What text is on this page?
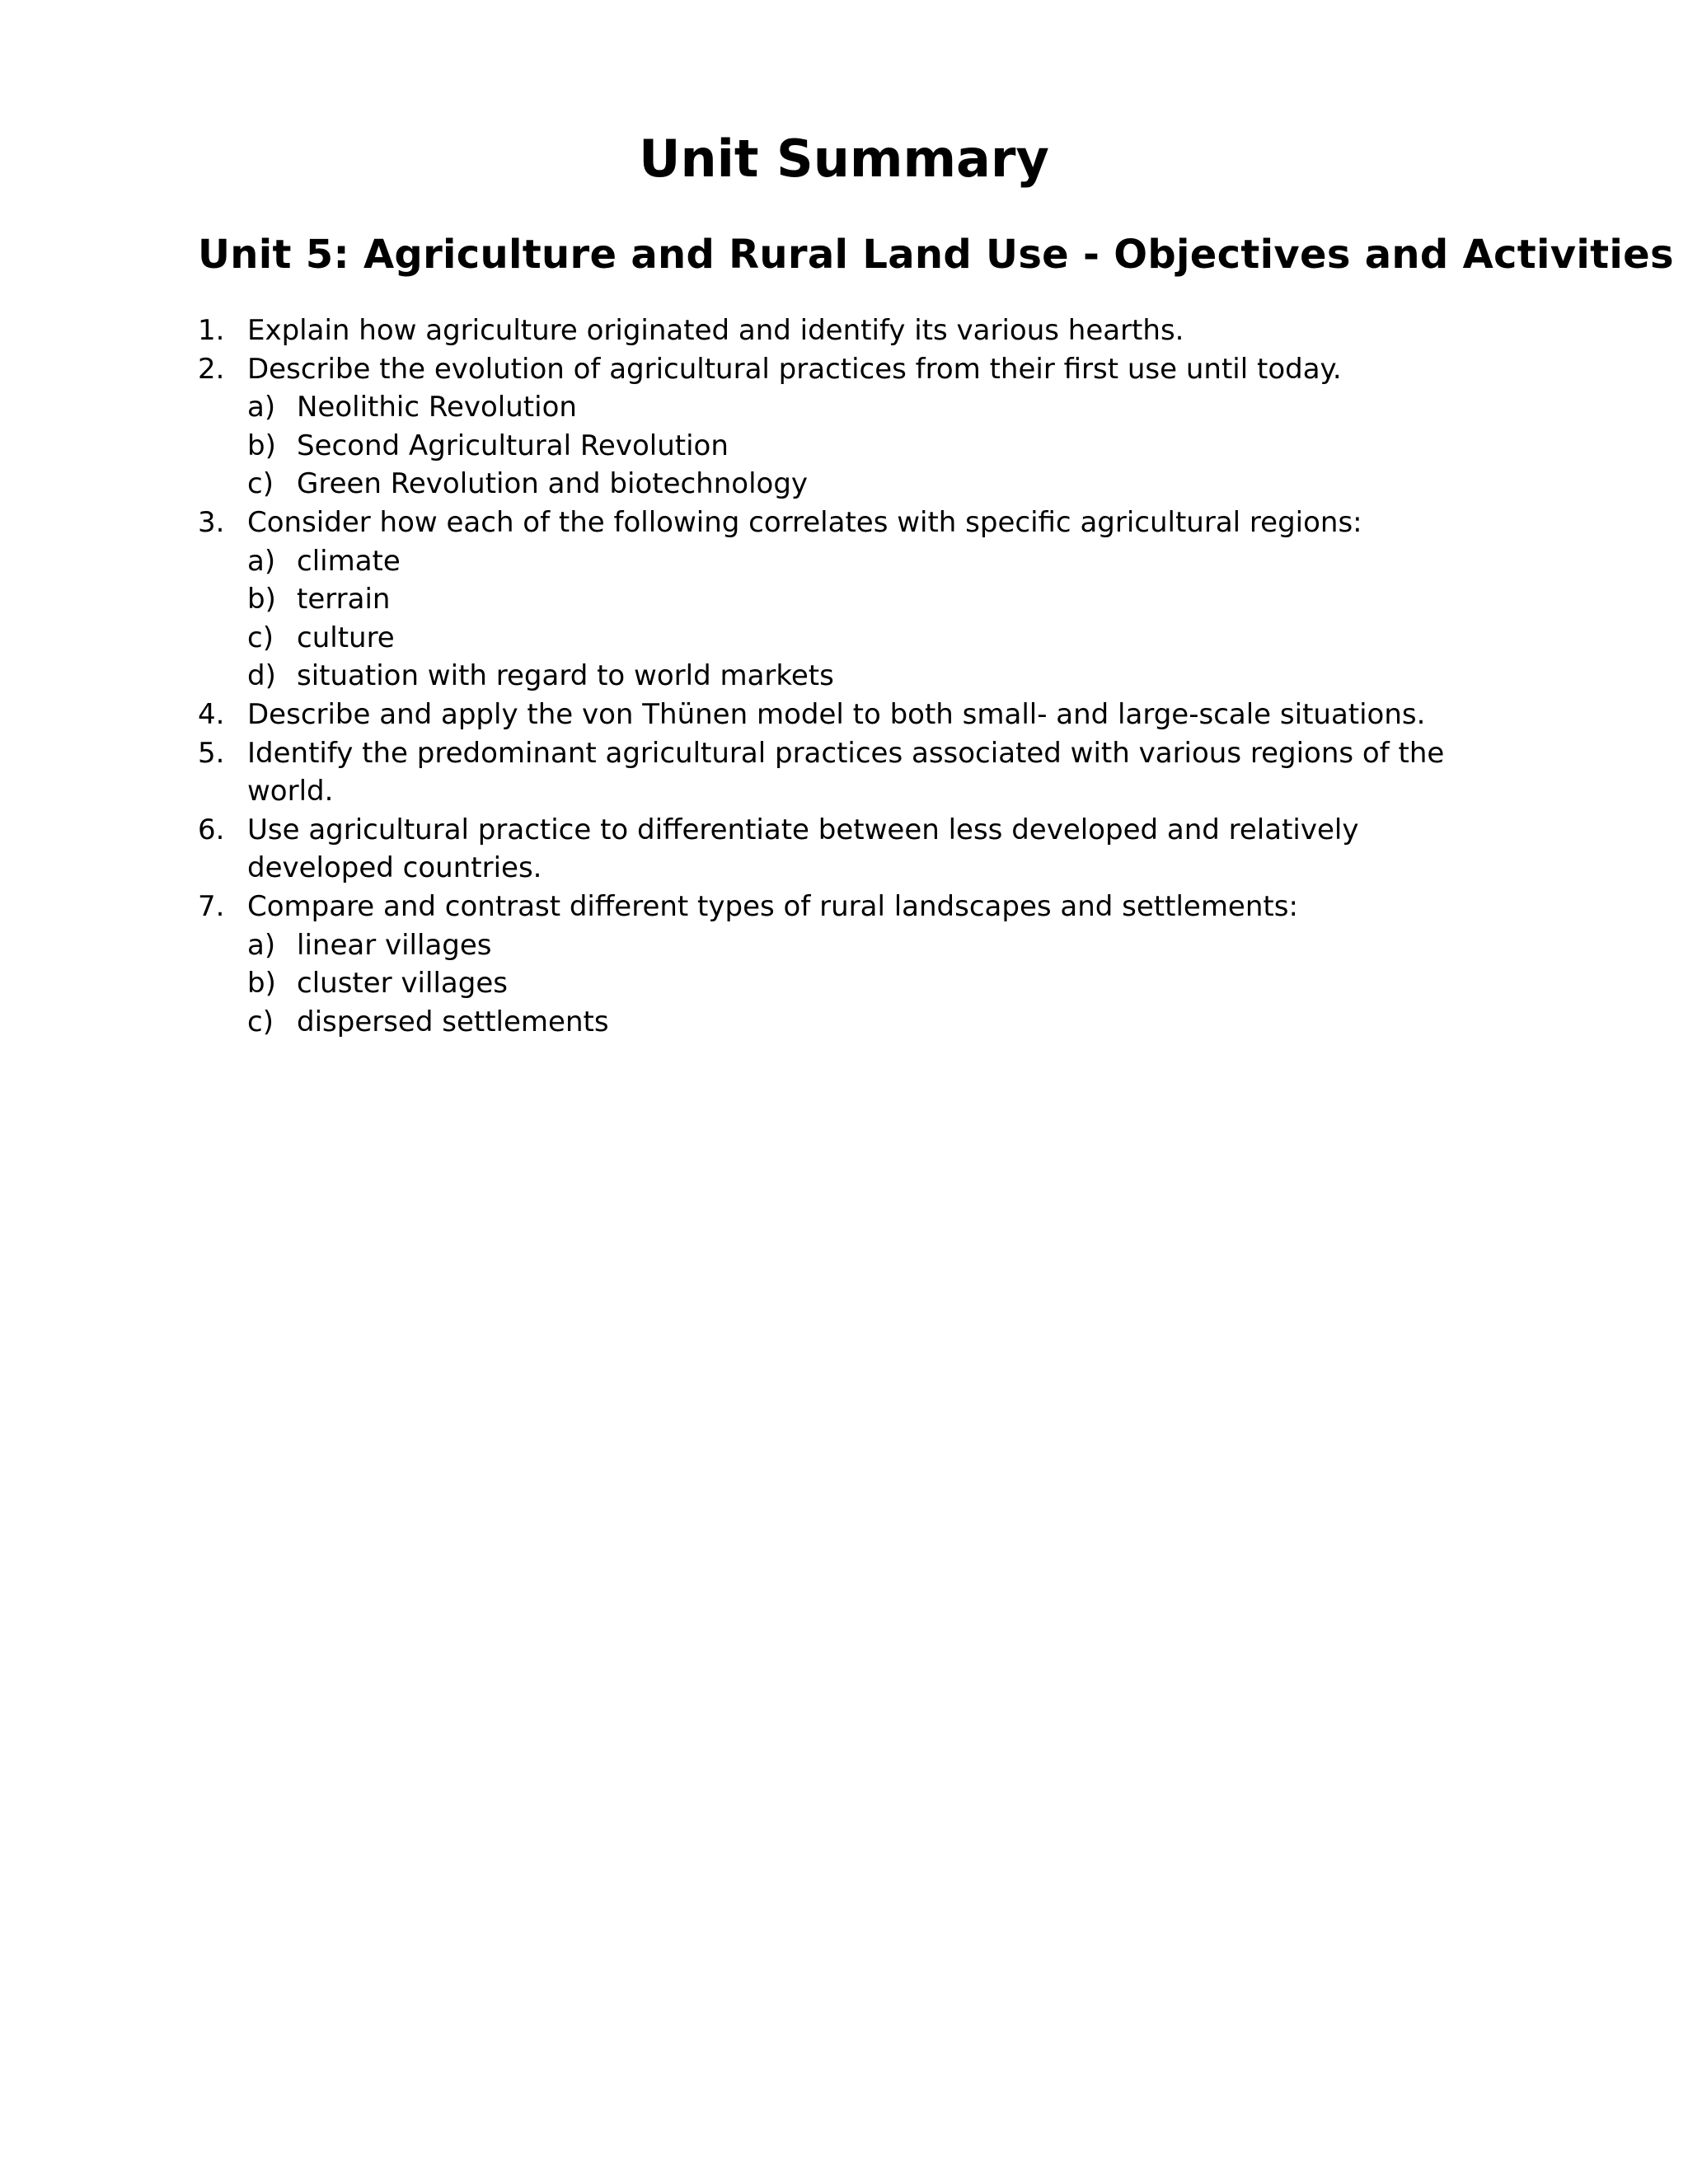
Unit Summary
Unit 5: Agriculture and Rural Land Use - Objectives and Activities
1. Explain how agriculture originated and identify its various hearths.
2. Describe the evolution of agricultural practices from their first use until today.
a) Neolithic Revolution
b) Second Agricultural Revolution
c) Green Revolution and biotechnology
3. Consider how each of the following correlates with specific agricultural regions:
a) climate
b) terrain
c) culture
d) situation with regard to world markets
4. Describe and apply the von Thünen model to both small- and large-scale situations.
5. Identify the predominant agricultural practices associated with various regions of the world.
6. Use agricultural practice to differentiate between less developed and relatively developed countries.
7. Compare and contrast different types of rural landscapes and settlements:
a) linear villages
b) cluster villages
c) dispersed settlements
